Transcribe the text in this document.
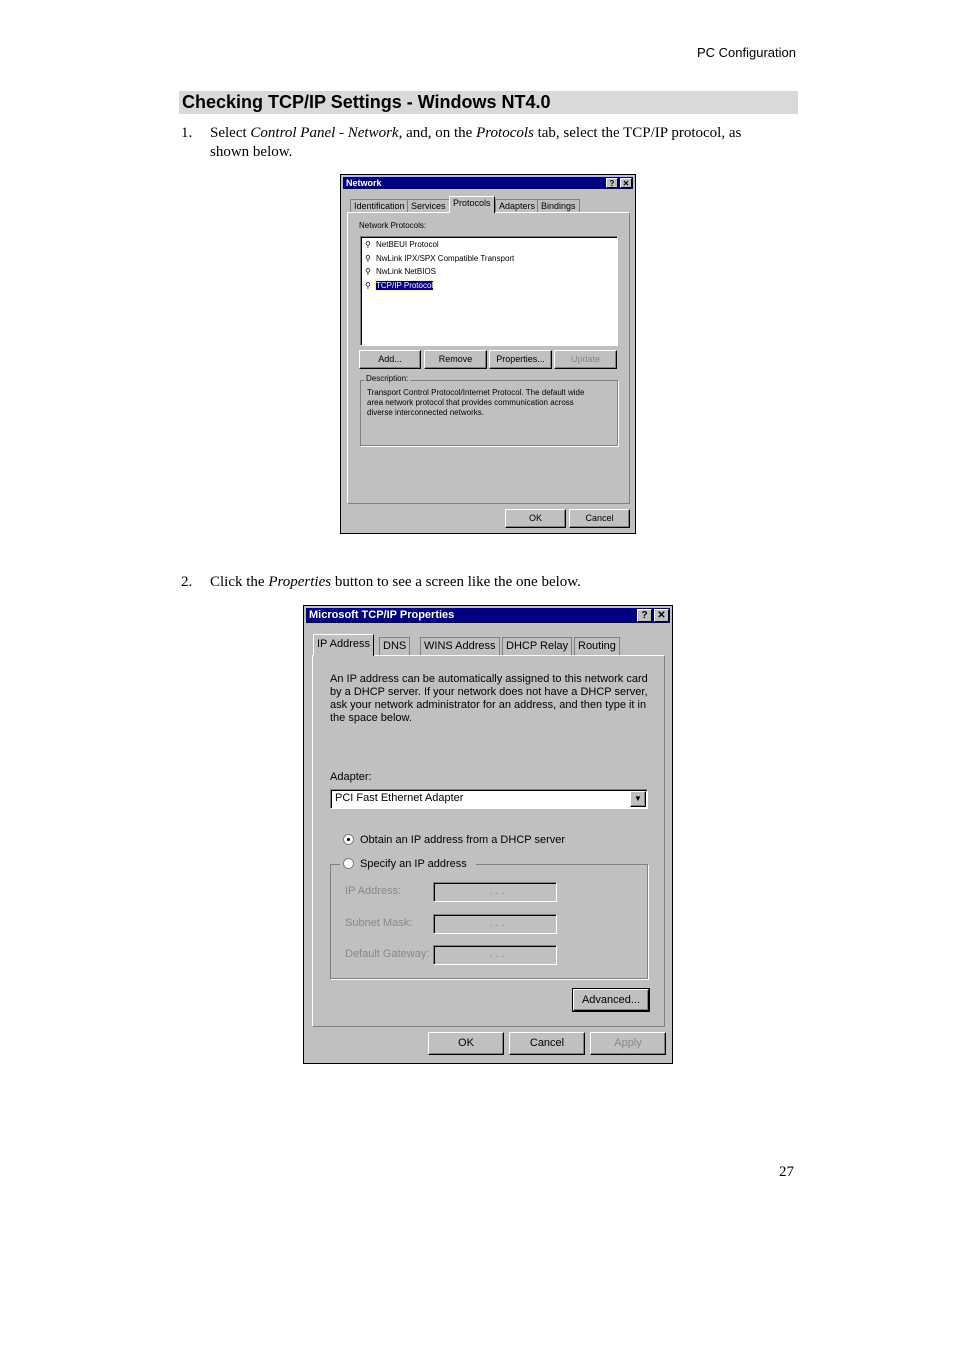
PC Configuration
Checking TCP/IP Settings - Windows NT4.0
1. Select Control Panel - Network, and, on the Protocols tab, select the TCP/IP protocol, as
shown below.
Network	?	✕
Identification Services Protocols Adapters Bindings
Network Protocols:
⚲ NetBEUI Protocol
⚲ NwLink IPX/SPX Compatible Transport
⚲ NwLink NetBIOS
⚲ TCP/IP Protocol
Add...	Remove	Properties...	Update
Description:
Transport Control Protocol/Internet Protocol. The default wide
area network protocol that provides communication across
diverse interconnected networks.
OK	Cancel
2. Click the Properties button to see a screen like the one below.
Microsoft TCP/IP Properties	? ✕
IP Address	DNS	WINS Address DHCP Relay Routing
An IP address can be automatically assigned to this network card
by a DHCP server. If your network does not have a DHCP server,
ask your network administrator for an address, and then type it in
the space below.
Adapter:
PCI Fast Ethernet Adapter	▼
Obtain an IP address from a DHCP server
Specify an IP address
IP Address:	. . .
Subnet Mask:	. . .
Default Gateway:	. . .
Advanced...
OK	Cancel	Apply
27
